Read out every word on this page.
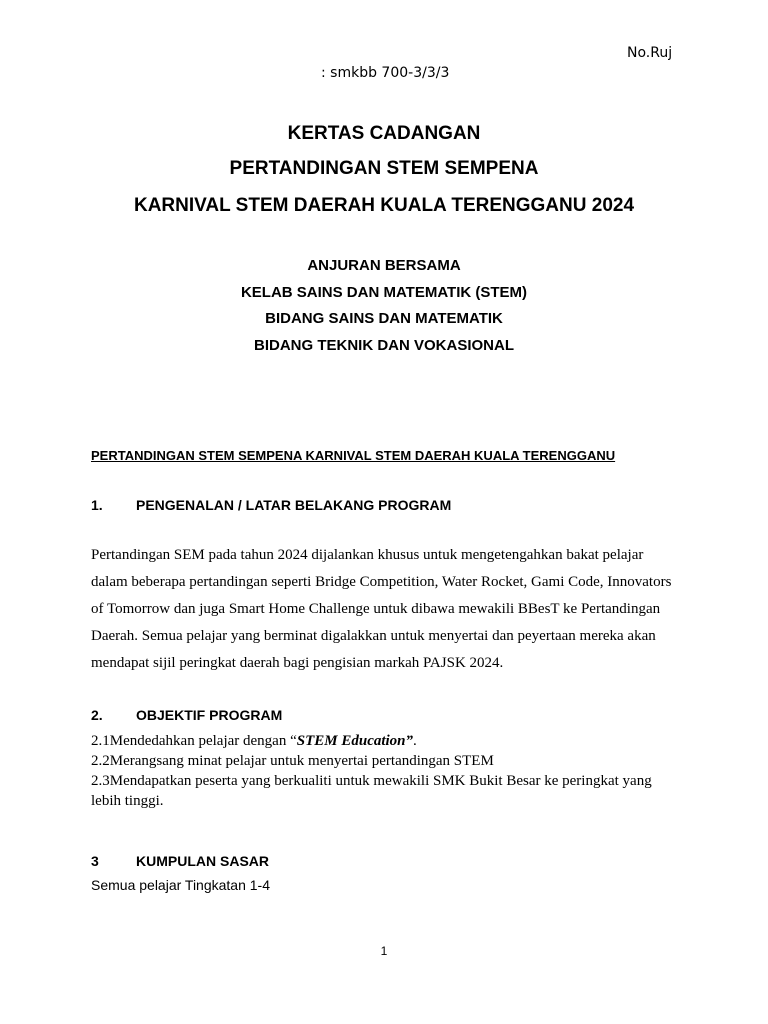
No.Ruj
: smkbb 700-3/3/3
KERTAS CADANGAN
PERTANDINGAN STEM SEMPENA
KARNIVAL STEM DAERAH KUALA TERENGGANU 2024
ANJURAN BERSAMA
KELAB SAINS DAN MATEMATIK (STEM)
BIDANG SAINS DAN MATEMATIK
BIDANG TEKNIK DAN VOKASIONAL
PERTANDINGAN STEM SEMPENA KARNIVAL STEM DAERAH KUALA TERENGGANU
1. PENGENALAN / LATAR BELAKANG PROGRAM

Pertandingan SEM pada tahun 2024 dijalankan khusus untuk mengetengahkan bakat pelajar dalam beberapa pertandingan seperti Bridge Competition, Water Rocket, Gami Code, Innovators of Tomorrow dan juga Smart Home Challenge untuk dibawa mewakili BBesT ke Pertandingan Daerah. Semua pelajar yang berminat digalakkan untuk menyertai dan peyertaan mereka akan mendapat sijil peringkat daerah bagi pengisian markah PAJSK 2024.

2. OBJEKTIF PROGRAM
2.1Mendedahkan pelajar dengan “STEM Education”.
2.2Merangsang minat pelajar untuk menyertai pertandingan STEM
2.3Mendapatkan peserta yang berkualiti untuk mewakili SMK Bukit Besar ke peringkat yang lebih tinggi.
3	KUMPULAN SASAR
Semua pelajar Tingkatan 1-4
1
